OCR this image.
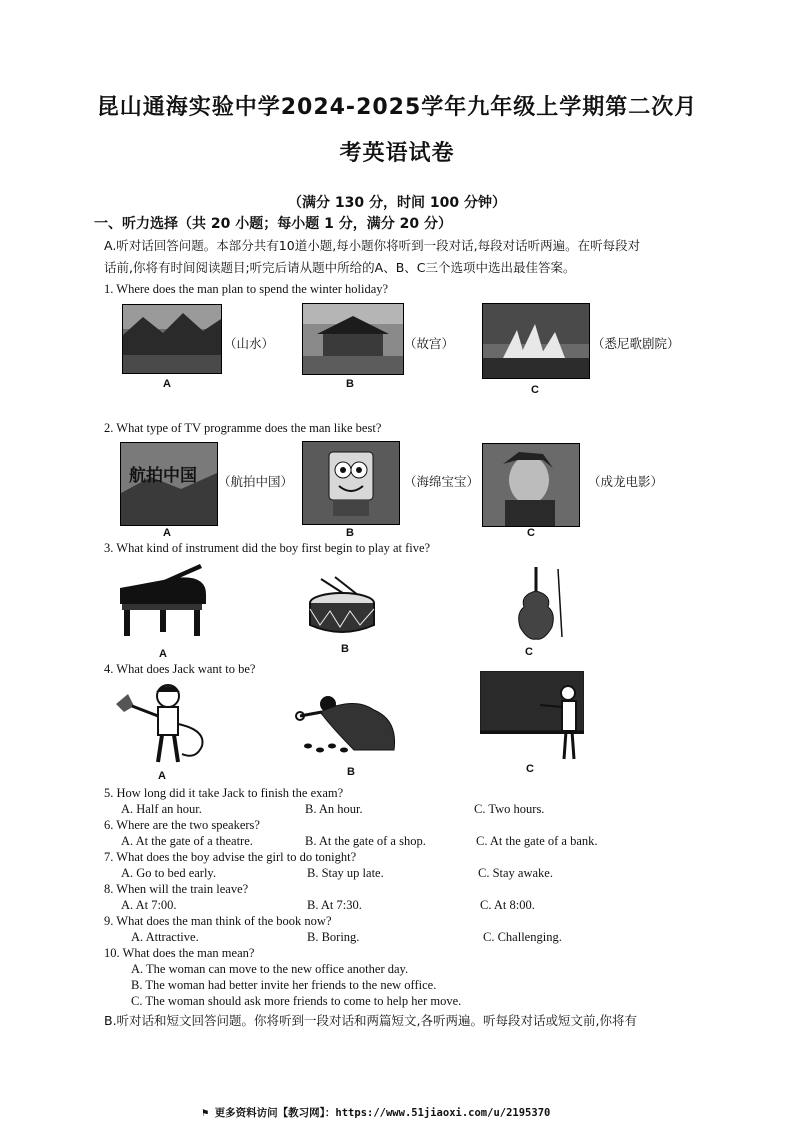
昆山通海实验中学2024-2025学年九年级上学期第二次月
考英语试卷
（满分 130 分，时间 100 分钟）
一、听力选择（共 20 小题；每小题 1 分，满分 20 分）
A.听对话回答问题。本部分共有10道小题,每小题你将听到一段对话,每段对话听两遍。在听每段对
话前,你将有时间阅读题目;听完后请从题中所给的A、B、C三个选项中选出最佳答案。
1. Where does the man plan to spend the winter holiday?
（山水）
A
（故宫）
B
（悉尼歌剧院）
C
2. What type of TV programme does the man like best?
航拍中国 （航拍中国）
A
（海绵宝宝）
B
（成龙电影）
C
3. What kind of instrument did the boy first begin to play at five?
A	B	C
4. What does Jack want to be?
A	B	C
5. How long did it take Jack to finish the exam?
A. Half an hour.	B. An hour.	C. Two hours.
6. Where are the two speakers?
A. At the gate of a theatre.	B. At the gate of a shop.	C. At the gate of a bank.
7. What does the boy advise the girl to do tonight?
A. Go to bed early.	B. Stay up late.	C. Stay awake.
8. When will the train leave?
A. At 7:00.	B. At 7:30.	C. At 8:00.
9. What does the man think of the book now?
A. Attractive.	B. Boring.	C. Challenging.
10. What does the man mean?
A. The woman can move to the new office another day.
B. The woman had better invite her friends to the new office.
C. The woman should ask more friends to come to help her move.
B.听对话和短文回答问题。你将听到一段对话和两篇短文,各听两遍。听每段对话或短文前,你将有
⚑ 更多资料访问【教习网】：https://www.51jiaoxi.com/u/2195370
